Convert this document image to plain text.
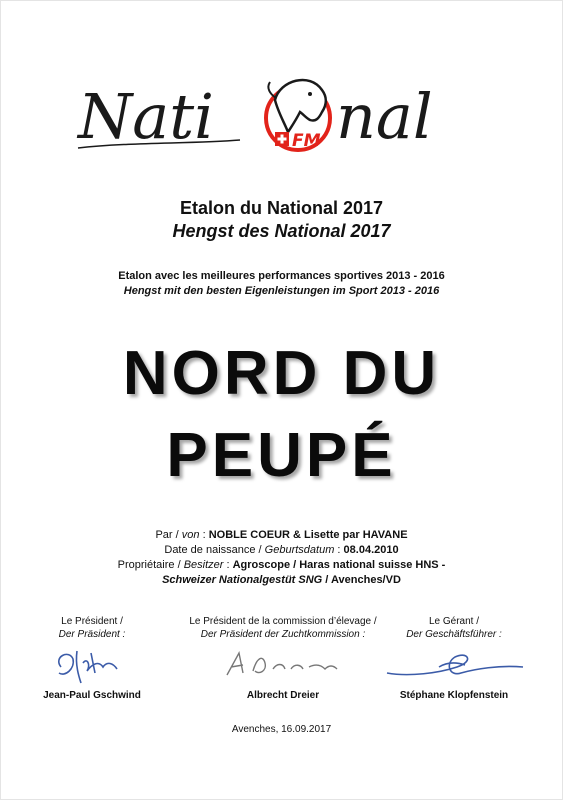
Nati	FM nal
Etalon du National 2017
Hengst des National 2017
Etalon avec les meilleures performances sportives 2013 - 2016
Hengst mit den besten Eigenleistungen im Sport 2013 - 2016
NORD DU
PEUPÉ
Par / von : NOBLE COEUR & Lisette par HAVANE
Date de naissance / Geburtsdatum : 08.04.2010
Propriétaire / Besitzer : Agroscope / Haras national suisse HNS -
Schweizer Nationalgestüt SNG / Avenches/VD
Le Président /
Der Präsident :
Jean-Paul Gschwind
Le Président de la commission d’élevage /
Der Präsident der Zuchtkommission :
Albrecht Dreier
Le Gérant /
Der Geschäftsführer :
Stéphane Klopfenstein
Avenches, 16.09.2017
